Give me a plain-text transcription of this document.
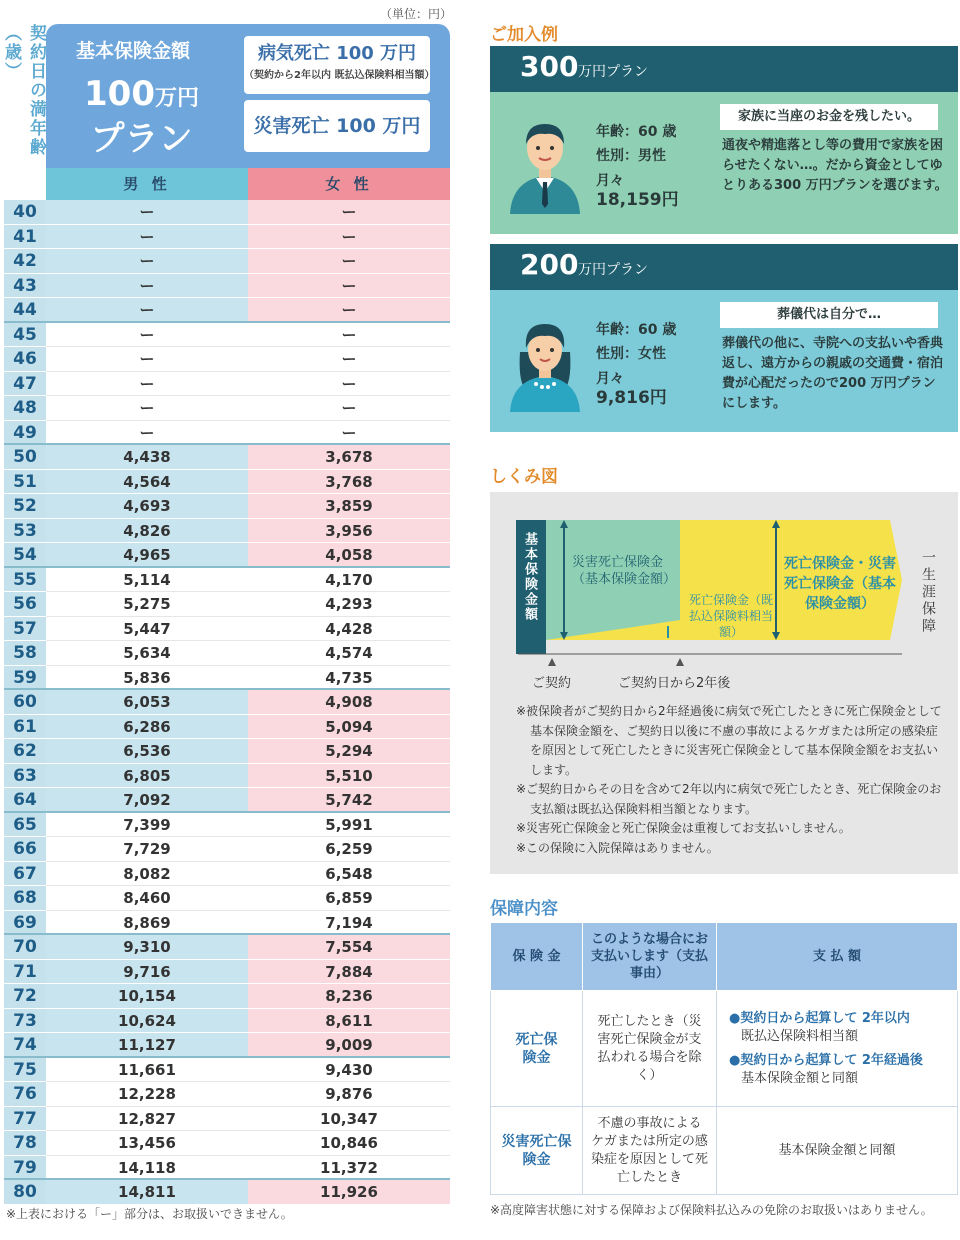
（単位：円）
契約日の満年齢（歳）	基本保険金額
100万円
プラン
病気死亡 100 万円
（契約から2年以内 既払込保険料相当額）
災害死亡 100 万円
男 性	女 性
40	ー	ー
41	ー	ー
42	ー	ー
43	ー	ー
44	ー	ー
45	ー	ー
46	ー	ー
47	ー	ー
48	ー	ー
49	ー	ー
50	4,438	3,678
51	4,564	3,768
52	4,693	3,859
53	4,826	3,956
54	4,965	4,058
55	5,114	4,170
56	5,275	4,293
57	5,447	4,428
58	5,634	4,574
59	5,836	4,735
60	6,053	4,908
61	6,286	5,094
62	6,536	5,294
63	6,805	5,510
64	7,092	5,742
65	7,399	5,991
66	7,729	6,259
67	8,082	6,548
68	8,460	6,859
69	8,869	7,194
70	9,310	7,554
71	9,716	7,884
72	10,154	8,236
73	10,624	8,611
74	11,127	9,009
75	11,661	9,430
76	12,228	9,876
77	12,827	10,347
78	13,456	10,846
79	14,118	11,372
80	14,811	11,926
※上表における「ー」部分は、お取扱いできません。
ご加入例
300 万円プラン
年齢：60 歳
性別：男性
月々
18,159円
家族に当座のお金を残したい。
通夜や精進落とし等の費用で家族を困らせたくない…。だから資金としてゆとりある300 万円プランを選びます。
200 万円プラン
年齢：60 歳
性別：女性
月々
9,816円
葬儀代は自分で…
葬儀代の他に、寺院への支払いや香典返し、遠方からの親戚の交通費・宿泊費が心配だったので200 万円プランにします。
しくみ図
基本保険金額	災害死亡保険金（基本保険金額）
死亡保険金（既払込保険料相当額）
死亡保険金・災害死亡保険金（基本保険金額）	一生涯保障
ご契約	ご契約日から2年後

※被保険者がご契約日から2年経過後に病気で死亡したときに死亡保険金として基本保険金額を、ご契約日以後に不慮の事故によるケガまたは所定の感染症を原因として死亡したときに災害死亡保険金として基本保険金額をお支払いします。

※ご契約日からその日を含めて2年以内に病気で死亡したとき、死亡保険金のお支払額は既払込保険料相当額となります。

※災害死亡保険金と死亡保険金は重複してお支払いしません。

※この保険に入院保障はありません。

保障内容
保 険 金	このような場合にお支払いします（支払事由）	支 払 額
死亡保険金	死亡したとき（災害死亡保険金が支払われる場合を除く）	●契約日から起算して 2年以内
既払込保険料相当額
●契約日から起算して 2年経過後
基本保険金額と同額

災害死亡保険金	不慮の事故によるケガまたは所定の感染症を原因として死亡したとき	基本保険金額と同額
※高度障害状態に対する保障および保険料払込みの免除のお取扱いはありません。
